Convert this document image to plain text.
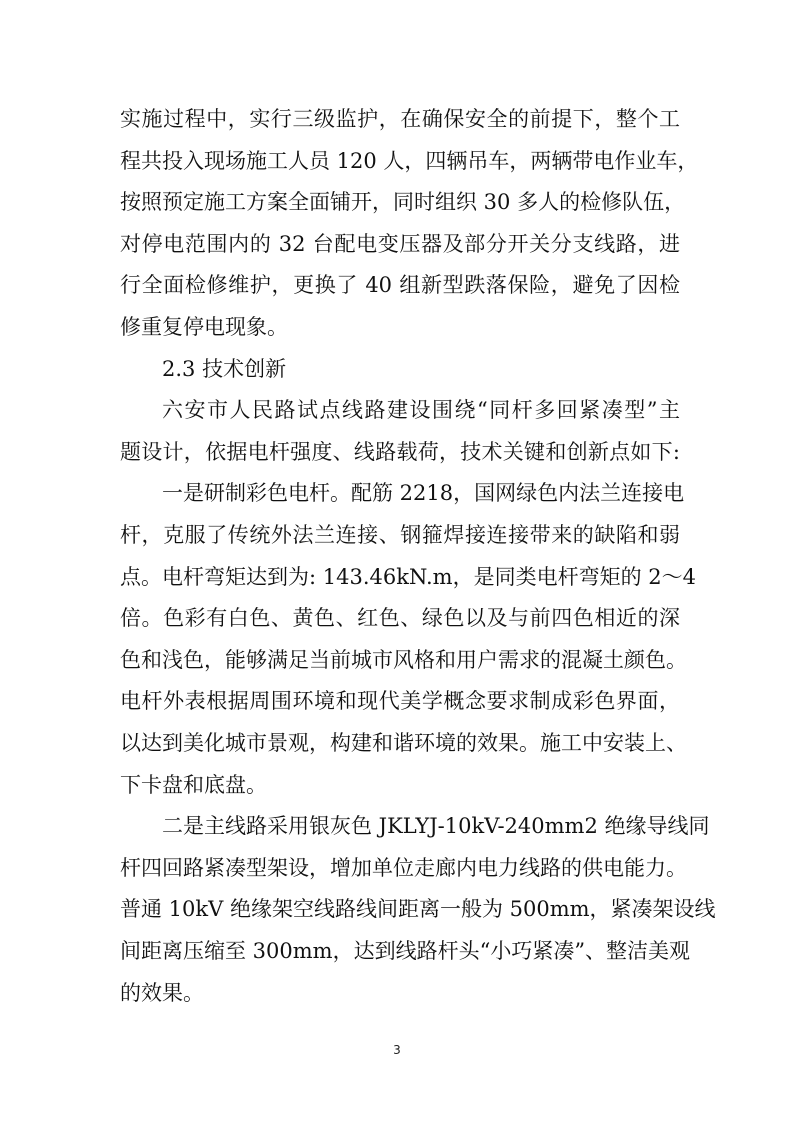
实施过程中，实行三级监护，在确保安全的前提下，整个工
程共投入现场施工人员 120 人，四辆吊车，两辆带电作业车，
按照预定施工方案全面铺开，同时组织 30 多人的检修队伍，
对停电范围内的 32 台配电变压器及部分开关分支线路，进
行全面检修维护，更换了 40 组新型跌落保险，避免了因检
修重复停电现象。
2.3 技术创新
六安市人民路试点线路建设围绕“同杆多回紧凑型”主
题设计，依据电杆强度、线路载荷，技术关键和创新点如下:
一是研制彩色电杆。配筋 2218，国网绿色内法兰连接电
杆，克服了传统外法兰连接、钢箍焊接连接带来的缺陷和弱
点。电杆弯矩达到为: 143.46kN.m，是同类电杆弯矩的 2～4
倍。色彩有白色、黄色、红色、绿色以及与前四色相近的深
色和浅色，能够满足当前城市风格和用户需求的混凝土颜色。
电杆外表根据周围环境和现代美学概念要求制成彩色界面，
以达到美化城市景观，构建和谐环境的效果。施工中安装上、
下卡盘和底盘。
二是主线路采用银灰色 JKLYJ-10kV-240mm2 绝缘导线同
杆四回路紧凑型架设，增加单位走廊内电力线路的供电能力。
普通 10kV 绝缘架空线路线间距离一般为 500mm，紧凑架设线
间距离压缩至 300mm，达到线路杆头“小巧紧凑”、整洁美观
的效果。
3
